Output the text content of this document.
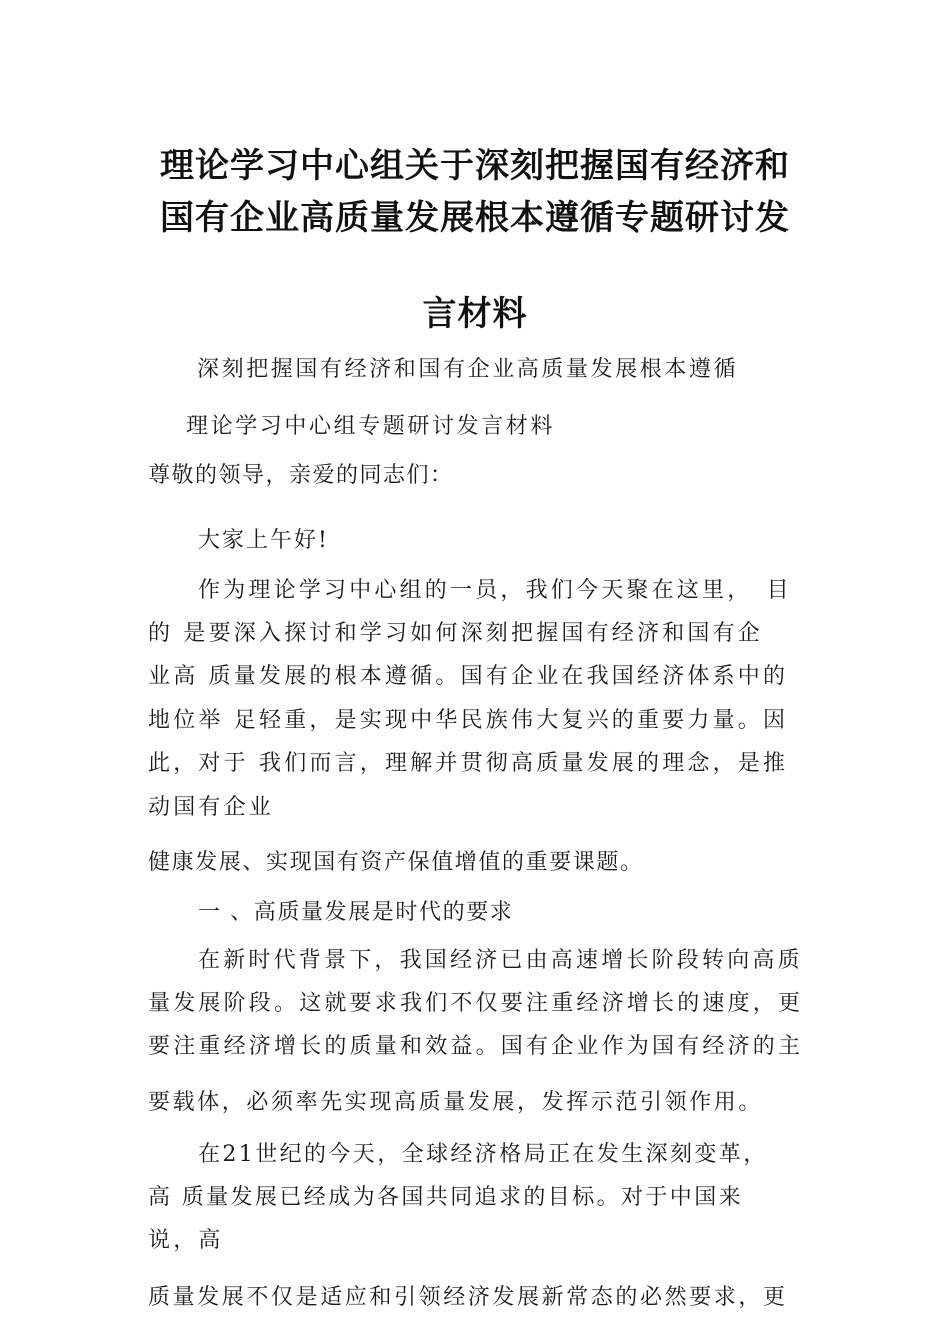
理论学习中心组关于深刻把握国有经济和
国有企业高质量发展根本遵循专题研讨发
言材料
深刻把握国有经济和国有企业高质量发展根本遵循
理论学习中心组专题研讨发言材料
尊敬的领导，亲爱的同志们：
大家上午好!
作为理论学习中心组的一员，我们今天聚在这里，　目
的 是要深入探讨和学习如何深刻把握国有经济和国有企
业高 质量发展的根本遵循。国有企业在我国经济体系中的
地位举 足轻重，是实现中华民族伟大复兴的重要力量。因
此，对于 我们而言，理解并贯彻高质量发展的理念，是推
动国有企业
健康发展、实现国有资产保值增值的重要课题。
一 、高质量发展是时代的要求
在新时代背景下，我国经济已由高速增长阶段转向高质
量发展阶段。这就要求我们不仅要注重经济增长的速度，更
要注重经济增长的质量和效益。国有企业作为国有经济的主
要载体，必须率先实现高质量发展，发挥示范引领作用。
在21世纪的今天，全球经济格局正在发生深刻变革，
高 质量发展已经成为各国共同追求的目标。对于中国来
说，高
质量发展不仅是适应和引领经济发展新常态的必然要求，更
